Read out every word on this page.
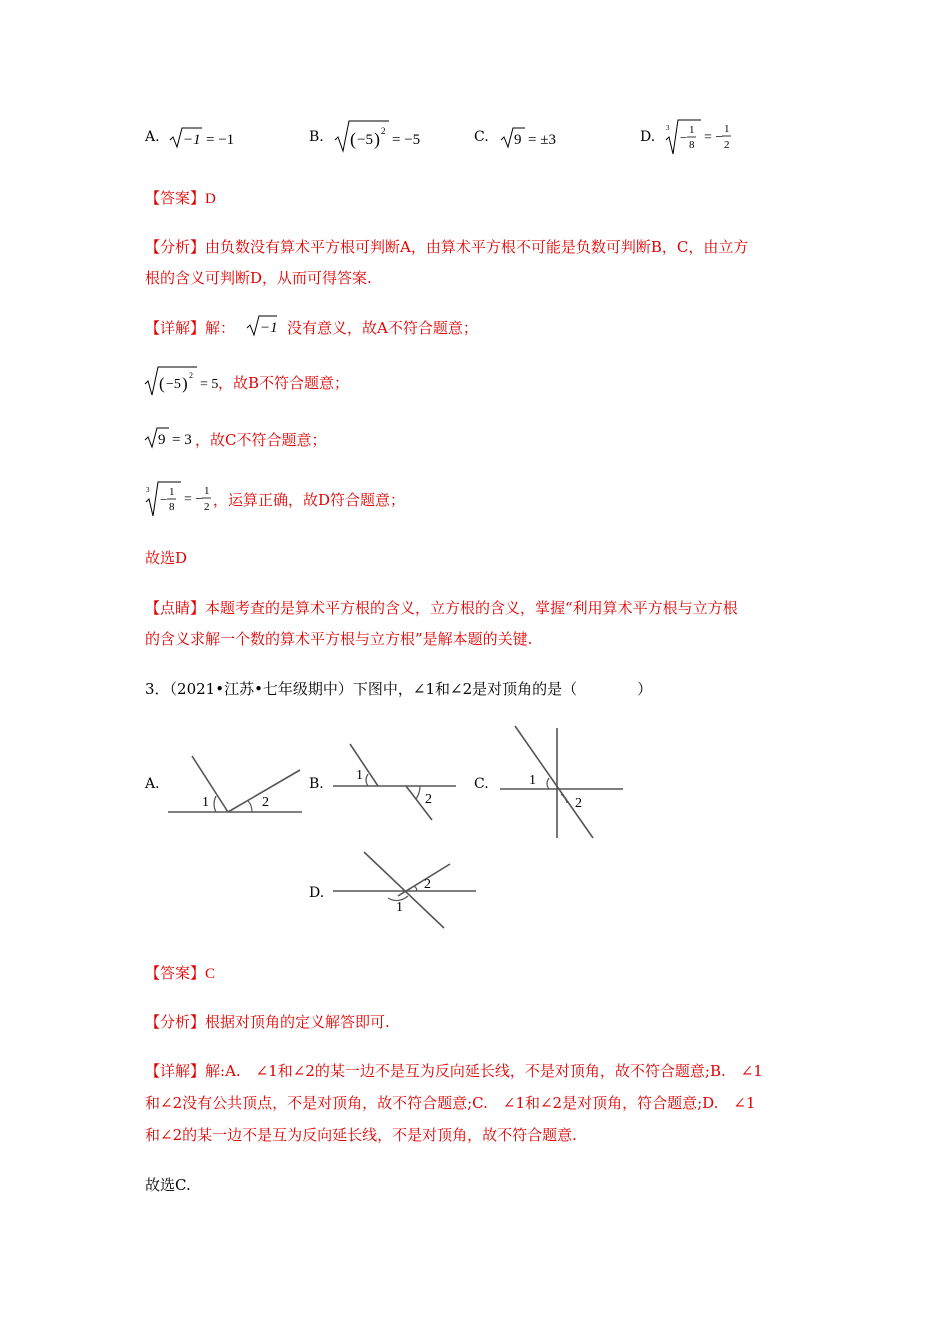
A. −1 = −1	B. ( −5 ) 2
= −5	C. 9 = ±3	D.
3
− 1
8 = −
1
2
【答案】D
【分析】由负数没有算术平方根可判断A，由算术平方根不可能是负数可判断B，C，由立方
根的含义可判断D，从而可得答案.
【详解】解： −1 没有意义，故A不符合题意；
( −5 ) 2
= 5 ，故B不符合题意；
9 = 3 ，故C不符合题意；
3
− 1
8 = −
1
2 ，运算正确，故D符合题意；
故选D
【点睛】本题考查的是算术平方根的含义，立方根的含义，掌握“利用算术平方根与立方根
的含义求解一个数的算术平方根与立方根”是解本题的关键.
3．（2021•江苏•七年级期中）下图中，∠1和∠2是对顶角的是（　　　　）
A.
1	2
B.
1
2
C.	1
2
D.
1
2
【答案】C
【分析】根据对顶角的定义解答即可.
【详解】解:A.　∠1和∠2的某一边不是互为反向延长线，不是对顶角，故不符合题意;B.　∠1
和∠2没有公共顶点，不是对顶角，故不符合题意;C.　∠1和∠2是对顶角，符合题意;D.　∠1
和∠2的某一边不是互为反向延长线，不是对顶角，故不符合题意.
故选C.
